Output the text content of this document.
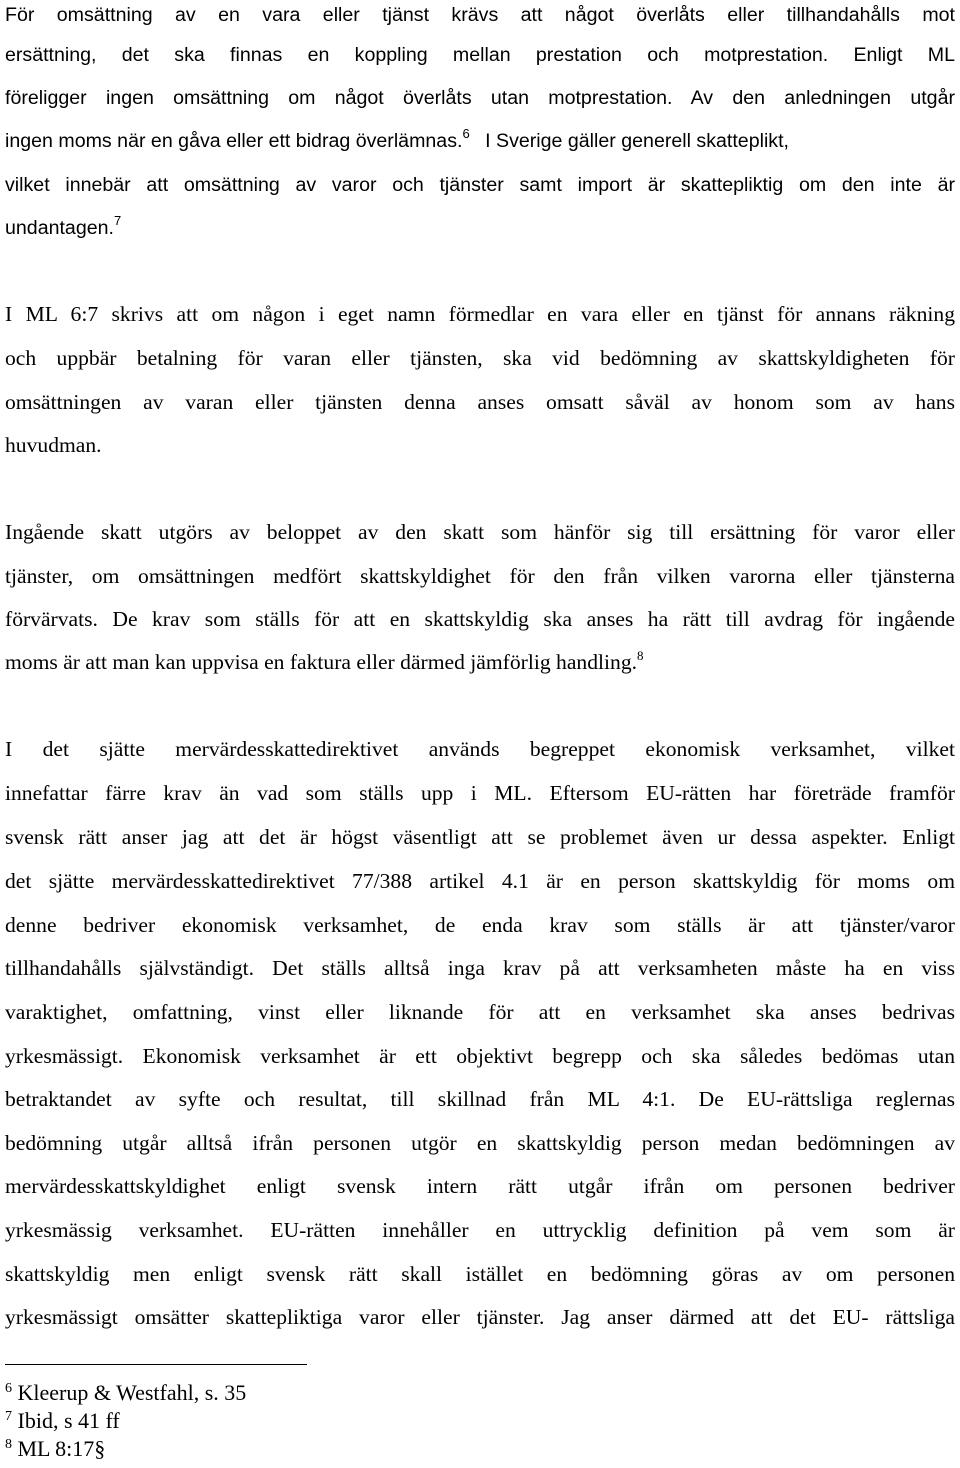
För omsättning av en vara eller tjänst krävs att något överlåts eller tillhandahålls mot
ersättning, det ska finnas en koppling mellan prestation och motprestation. Enligt ML
föreligger ingen omsättning om något överlåts utan motprestation. Av den anledningen utgår
ingen moms när en gåva eller ett bidrag överlämnas.$^6$ I Sverige gäller generell skatteplikt,
vilket innebär att omsättning av varor och tjänster samt import är skattepliktig om den inte är
undantagen.$^7$
I ML 6:7 skrivs att om någon i eget namn förmedlar en vara eller en tjänst för annans räkning
och uppbär betalning för varan eller tjänsten, ska vid bedömning av skattskyldigheten för
omsättningen av varan eller tjänsten denna anses omsatt såväl av honom som av hans
huvudman.
Ingående skatt utgörs av beloppet av den skatt som hänför sig till ersättning för varor eller
tjänster, om omsättningen medfört skattskyldighet för den från vilken varorna eller tjänsterna
förvärvats. De krav som ställs för att en skattskyldig ska anses ha rätt till avdrag för ingående
moms är att man kan uppvisa en faktura eller därmed jämförlig handling.$^8$
I det sjätte mervärdesskattedirektivet används begreppet ekonomisk verksamhet, vilket
innefattar färre krav än vad som ställs upp i ML. Eftersom EU-rätten har företräde framför
svensk rätt anser jag att det är högst väsentligt att se problemet även ur dessa aspekter. Enligt
det sjätte mervärdesskattedirektivet 77/388 artikel 4.1 är en person skattskyldig för moms om
denne bedriver ekonomisk verksamhet, de enda krav som ställs är att tjänster/varor
tillhandahålls självständigt. Det ställs alltså inga krav på att verksamheten måste ha en viss
varaktighet, omfattning, vinst eller liknande för att en verksamhet ska anses bedrivas
yrkesmässigt. Ekonomisk verksamhet är ett objektivt begrepp och ska således bedömas utan
betraktandet av syfte och resultat, till skillnad från ML 4:1. De EU-rättsliga reglernas
bedömning utgår alltså ifrån personen utgör en skattskyldig person medan bedömningen av
mervärdesskattskyldighet enligt svensk intern rätt utgår ifrån om personen bedriver
yrkesmässig verksamhet. EU-rätten innehåller en uttrycklig definition på vem som är
skattskyldig men enligt svensk rätt skall istället en bedömning göras av om personen
yrkesmässigt omsätter skattepliktiga varor eller tjänster. Jag anser därmed att det EU- rättsliga
$^6$ Kleerup & Westfahl, s. 35
$^7$ Ibid, s 41 ff
$^8$ ML 8:17§
